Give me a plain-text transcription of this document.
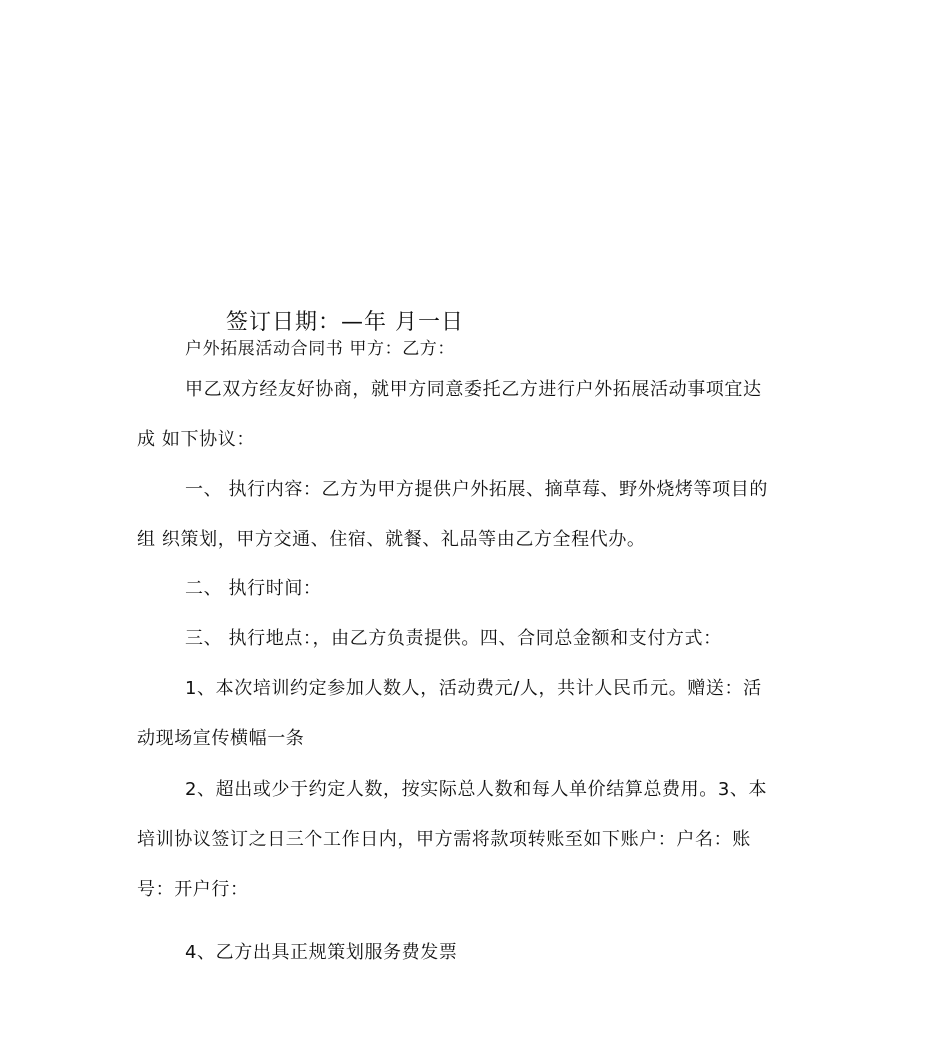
签订日期：—年 月一日
户外拓展活动合同书 甲方：乙方：
甲乙双方经友好协商，就甲方同意委托乙方进行户外拓展活动事项宜达
成 如下协议：
一、 执行内容：乙方为甲方提供户外拓展、摘草莓、野外烧烤等项目的
组 织策划，甲方交通、住宿、就餐、礼品等由乙方全程代办。
二、 执行时间：
三、 执行地点：，由乙方负责提供。四、合同总金额和支付方式：
1、本次培训约定参加人数人，活动费元/人，共计人民币元。赠送：活
动现场宣传横幅一条
2、超出或少于约定人数，按实际总人数和每人单价结算总费用。3、本
培训协议签订之日三个工作日内，甲方需将款项转账至如下账户：户名：账
号：开户行：
4、乙方出具正规策划服务费发票
